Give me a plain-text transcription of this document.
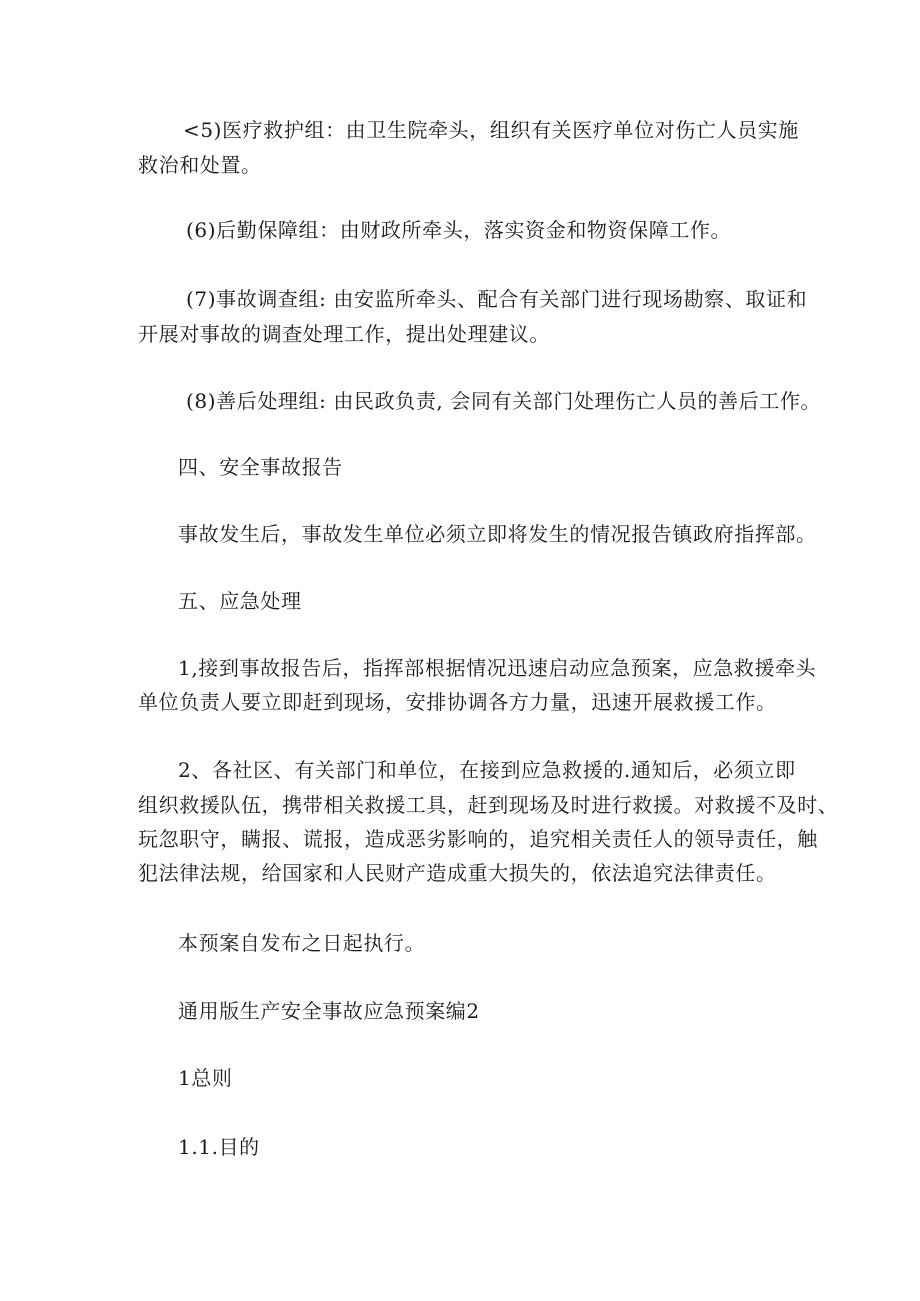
<5)医疗救护组：由卫生院牵头，组织有关医疗单位对伤亡人员实施
救治和处置。
(6)后勤保障组：由财政所牵头，落实资金和物资保障工作。
(7)事故调查组: 由安监所牵头、配合有关部门进行现场勘察、取证和
开展对事故的调查处理工作，提出处理建议。
(8)善后处理组: 由民政负责, 会同有关部门处理伤亡人员的善后工作。
四、安全事故报告
事故发生后，事故发生单位必须立即将发生的情况报告镇政府指挥部。
五、应急处理
1,接到事故报告后，指挥部根据情况迅速启动应急预案，应急救援牵头
单位负责人要立即赶到现场，安排协调各方力量，迅速开展救援工作。
2、各社区、有关部门和单位，在接到应急救援的.通知后，必须立即
组织救援队伍，携带相关救援工具，赶到现场及时进行救援。对救援不及时、
玩忽职守，瞒报、谎报，造成恶劣影响的，追究相关责任人的领导责任，触
犯法律法规，给国家和人民财产造成重大损失的，依法追究法律责任。
本预案自发布之日起执行。
通用版生产安全事故应急预案编2
1总则
1.1.目的
